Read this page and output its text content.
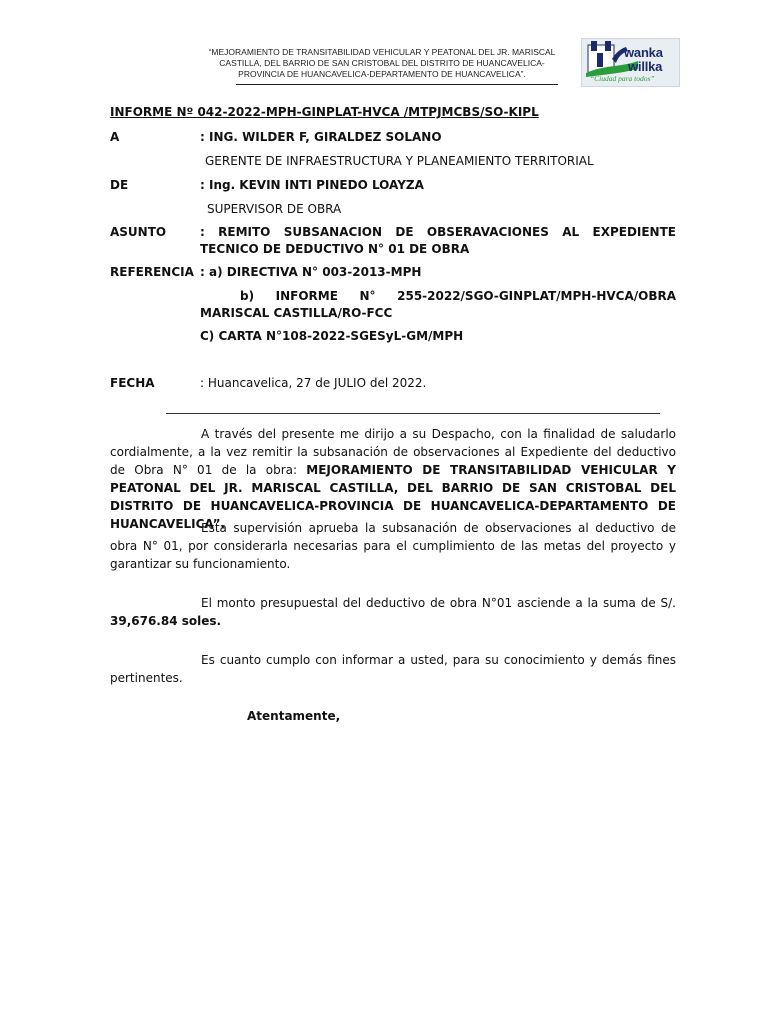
“MEJORAMIENTO DE TRANSITABILIDAD VEHICULAR Y PEATONAL DEL JR. MARISCAL
CASTILLA, DEL BARRIO DE SAN CRISTOBAL DEL DISTRITO DE HUANCAVELICA-
PROVINCIA DE HUANCAVELICA-DEPARTAMENTO DE HUANCAVELICA”.
wanka
willka
“Ciudad para todos”
INFORME Nº 042-2022-MPH-GINPLAT-HVCA /MTPJMCBS/SO-KIPL
A	: ING. WILDER F, GIRALDEZ SOLANO
GERENTE DE INFRAESTRUCTURA Y PLANEAMIENTO TERRITORIAL
DE	: Ing. KEVIN INTI PINEDO LOAYZA
SUPERVISOR DE OBRA
ASUNTO	: REMITO SUBSANACION DE OBSERAVACIONES AL EXPEDIENTE TECNICO DE DEDUCTIVO N° 01 DE OBRA
REFERENCIA : a) DIRECTIVA N° 003-2013-MPH
b) INFORME N° 255-2022/SGO-GINPLAT/MPH-HVCA/OBRA MARISCAL CASTILLA/RO-FCC
C) CARTA N°108-2022-SGESyL-GM/MPH
FECHA	: Huancavelica, 27 de JULIO del 2022.
A través del presente me dirijo a su Despacho, con la finalidad de saludarlo cordialmente, a la vez remitir la subsanación de observaciones al Expediente del deductivo de Obra N° 01 de la obra: MEJORAMIENTO DE TRANSITABILIDAD VEHICULAR Y PEATONAL DEL JR. MARISCAL CASTILLA, DEL BARRIO DE SAN CRISTOBAL DEL DISTRITO DE HUANCAVELICA-PROVINCIA DE HUANCAVELICA-DEPARTAMENTO DE HUANCAVELICA”.
Esta supervisión aprueba la subsanación de observaciones al deductivo de obra N° 01, por considerarla necesarias para el cumplimiento de las metas del proyecto y garantizar su funcionamiento.
El monto presupuestal del deductivo de obra N°01 asciende a la suma de S/. 39,676.84 soles.
Es cuanto cumplo con informar a usted, para su conocimiento y demás fines pertinentes.
Atentamente,
